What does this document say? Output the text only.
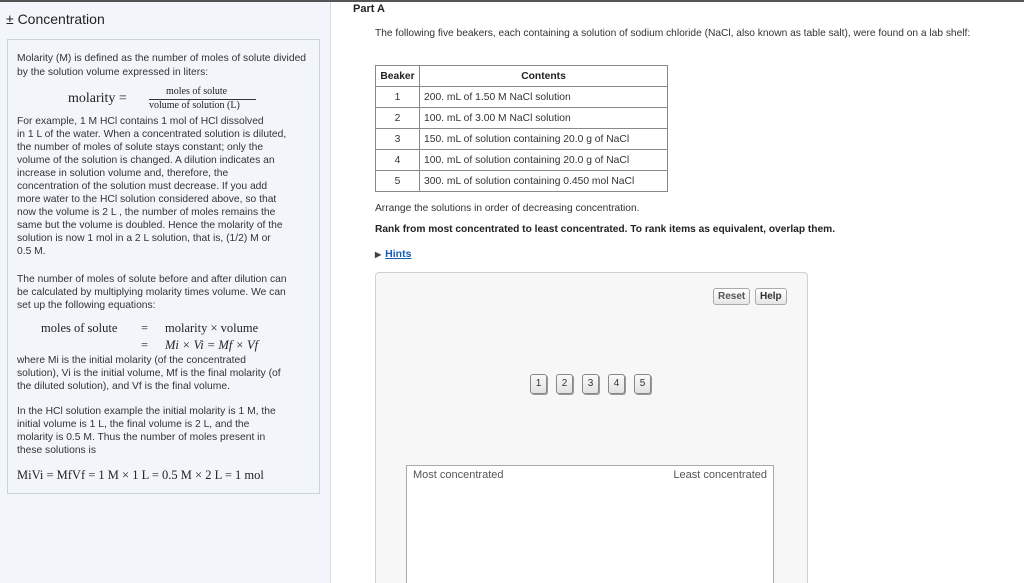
± Concentration
Molarity (M) is defined as the number of moles of solute divided by the solution volume expressed in liters:
molarity =	moles of solute
volume of solution (L)
For example, 1 M HCl contains 1 mol of HCl dissolved
in 1 L of the water. When a concentrated solution is diluted,
the number of moles of solute stays constant; only the
volume of the solution is changed. A dilution indicates an
increase in solution volume and, therefore, the
concentration of the solution must decrease. If you add
more water to the HCl solution considered above, so that
now the volume is 2 L , the number of moles remains the
same but the volume is doubled. Hence the molarity of the
solution is now 1 mol in a 2 L solution, that is, (1/2) M or
0.5 M.
The number of moles of solute before and after dilution can
be calculated by multiplying molarity times volume. We can
set up the following equations:
moles of solute = molarity × volume
= Mi × Vi = Mf × Vf
where Mi is the initial molarity (of the concentrated
solution), Vi is the initial volume, Mf is the final molarity (of
the diluted solution), and Vf is the final volume.
In the HCl solution example the initial molarity is 1 M, the
initial volume is 1 L, the final volume is 2 L, and the
molarity is 0.5 M. Thus the number of moles present in
these solutions is
MiVi = MfVf = 1 M × 1 L = 0.5 M × 2 L = 1 mol
Part A
The following five beakers, each containing a solution of sodium chloride (NaCl, also known as table salt), were found on a lab shelf:
Beaker	Contents
1	200. mL of 1.50 M NaCl solution
2	100. mL of 3.00 M NaCl solution
3	150. mL of solution containing 20.0 g of NaCl
4	100. mL of solution containing 20.0 g of NaCl
5	300. mL of solution containing 0.450 mol NaCl
Arrange the solutions in order of decreasing concentration.
Rank from most concentrated to least concentrated. To rank items as equivalent, overlap them.
▶ Hints
Reset	Help
1	2	3	4	5
Most concentrated	Least concentrated
